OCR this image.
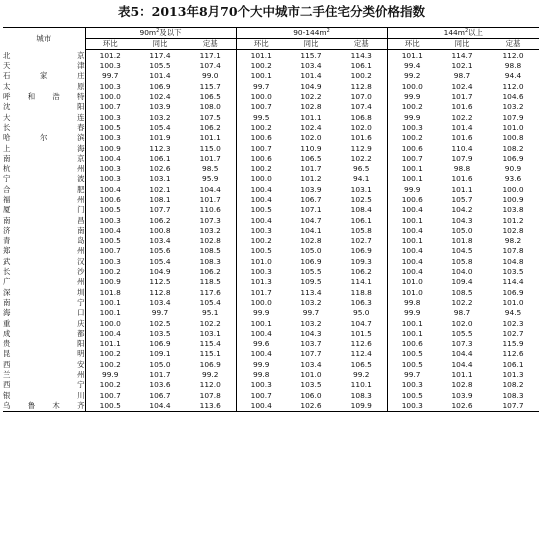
表5：2013年8月70个大中城市二手住宅分类价格指数
城市	$90m^2$及以下			$90-144m^2$			$144m^2$以上		
	环比	同比	定基	环比	同比	定基	环比	同比	定基
北京	101.2	117.4	117.1	101.1	115.7	114.3	101.1	114.7	112.0
天津	100.3	105.5	107.4	100.2	103.4	106.1	99.4	102.1	98.8
石家庄	99.7	101.4	99.0	100.1	101.4	100.2	99.2	98.7	94.4
太原	100.3	106.9	115.7	99.7	104.9	112.8	100.0	102.4	112.0
呼和浩特	100.0	102.4	106.5	100.0	102.2	107.0	99.9	101.7	104.6
沈阳	100.7	103.9	108.0	100.7	102.8	107.4	100.2	101.6	103.2
大连	100.3	103.2	107.5	99.5	101.1	106.8	99.9	102.2	107.9
长春	100.5	105.4	106.2	100.2	102.4	102.0	100.3	101.4	101.0
哈尔滨	100.3	101.9	101.1	100.6	102.0	101.6	100.2	101.6	100.8
上海	100.9	112.3	115.0	100.7	110.9	112.9	100.6	110.4	108.2
南京	100.4	106.1	101.7	100.6	106.5	102.2	100.7	107.9	106.9
杭州	100.3	102.6	98.5	100.2	101.7	96.5	100.1	98.8	90.9
宁波	100.3	103.1	95.9	100.0	101.2	94.1	100.1	101.6	93.6
合肥	100.4	102.1	104.4	100.4	103.9	103.1	99.9	101.1	100.0
福州	100.6	108.1	101.7	100.4	106.7	102.5	100.6	105.7	100.9
厦门	100.5	107.7	110.6	100.5	107.1	108.4	100.4	104.2	103.8
南昌	100.3	106.2	107.3	100.4	104.7	106.1	100.1	104.3	101.2
济南	100.4	100.8	103.2	100.3	104.1	105.8	100.4	105.0	102.8
青岛	100.5	103.4	102.8	100.2	102.8	102.7	100.1	101.8	98.2
郑州	100.7	105.6	108.5	100.5	105.0	106.9	100.4	104.5	107.8
武汉	100.3	105.4	108.3	101.0	106.9	109.3	100.4	105.8	104.8
长沙	100.2	104.9	106.2	100.3	105.5	106.2	100.4	104.0	103.5
广州	100.9	112.5	118.5	101.3	109.5	114.1	101.0	109.4	114.4
深圳	101.8	112.8	117.6	101.7	113.4	118.8	101.0	108.5	106.9
南宁	100.1	103.4	105.4	100.0	103.2	106.3	99.8	102.2	101.0
海口	100.1	99.7	95.1	99.9	99.7	95.0	99.9	98.7	94.5
重庆	100.0	102.5	102.2	100.1	103.2	104.7	100.1	102.0	102.3
成都	100.4	103.5	103.1	100.4	104.3	101.5	100.1	105.5	102.7
贵阳	101.1	106.9	115.4	99.6	103.7	112.6	100.6	107.3	115.9
昆明	100.2	109.1	115.1	100.4	107.7	112.4	100.5	104.4	112.6
西安	100.2	105.0	106.9	99.9	103.4	106.5	100.5	104.4	106.1
兰州	99.9	101.7	99.2	99.8	101.0	99.2	99.7	101.1	101.3
西宁	100.2	103.6	112.0	100.3	103.5	110.1	100.3	102.8	108.2
银川	100.7	106.7	107.8	100.7	106.0	108.3	100.5	103.9	108.3
乌鲁木齐	100.5	104.4	113.6	100.4	102.6	109.9	100.3	102.6	107.7
